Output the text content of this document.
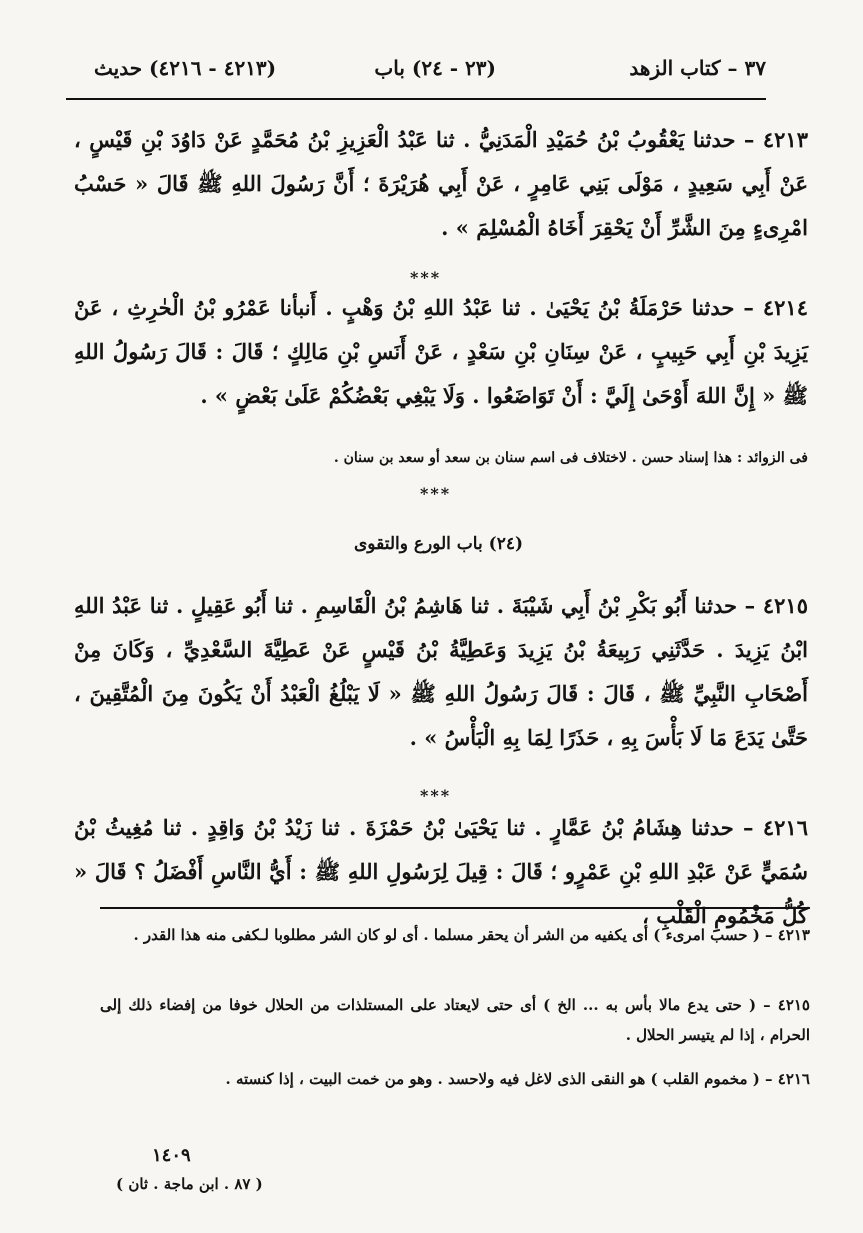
٣٧ – كتاب الزهد
(٢٣ - ٢٤) باب
(٤٢١٣ - ٤٢١٦) حديث
٤٢١٣ – حدثنا يَعْقُوبُ بْنُ حُمَيْدِ الْمَدَنِيُّ . ثنا عَبْدُ الْعَزِيزِ بْنُ مُحَمَّدٍ عَنْ دَاوُدَ بْنِ قَيْسٍ ، عَنْ أَبِي سَعِيدٍ ، مَوْلَى بَنِي عَامِرٍ ، عَنْ أَبِي هُرَيْرَةَ ؛ أَنَّ رَسُولَ اللهِ ﷺ قَالَ « حَسْبُ امْرِىءٍ مِنَ الشَّرِّ أَنْ يَحْقِرَ أَخَاهُ الْمُسْلِمَ » .
***
٤٢١٤ – حدثنا حَرْمَلَةُ بْنُ يَحْيَىٰ . ثنا عَبْدُ اللهِ بْنُ وَهْبٍ . أَنبأنا عَمْرُو بْنُ الْحٰرِثِ ، عَنْ يَزِيدَ بْنِ أَبِي حَبِيبٍ ، عَنْ سِنَانِ بْنِ سَعْدٍ ، عَنْ أَنَسِ بْنِ مَالِكٍ ؛ قَالَ : قَالَ رَسُولُ اللهِ ﷺ « إِنَّ اللهَ أَوْحَىٰ إِلَيَّ : أَنْ تَوَاضَعُوا . وَلَا يَبْغِي بَعْضُكُمْ عَلَىٰ بَعْضٍ » .
فى الزوائد : هذا إسناد حسن . لاختلاف فى اسم سنان بن سعد أو سعد بن سنان .
***
(٢٤) باب الورع والتقوى
٤٢١٥ – حدثنا أَبُو بَكْرِ بْنُ أَبِي شَيْبَةَ . ثنا هَاشِمُ بْنُ الْقَاسِمِ . ثنا أَبُو عَقِيلٍ . ثنا عَبْدُ اللهِ ابْنُ يَزِيدَ . حَدَّثَنِي رَبِيعَةُ بْنُ يَزِيدَ وَعَطِيَّةُ بْنُ قَيْسٍ عَنْ عَطِيَّةَ السَّعْدِيِّ ، وَكَانَ مِنْ أَصْحَابِ النَّبِيِّ ﷺ ، قَالَ : قَالَ رَسُولُ اللهِ ﷺ « لَا يَبْلُغُ الْعَبْدُ أَنْ يَكُونَ مِنَ الْمُتَّقِينَ ، حَتَّىٰ يَدَعَ مَا لَا بَأْسَ بِهِ ، حَذَرًا لِمَا بِهِ الْبَأْسُ » .
***
٤٢١٦ – حدثنا هِشَامُ بْنُ عَمَّارٍ . ثنا يَحْيَىٰ بْنُ حَمْزَةَ . ثنا زَيْدُ بْنُ وَاقِدٍ . ثنا مُغِيثُ بْنُ سُمَيٍّ عَنْ عَبْدِ اللهِ بْنِ عَمْرٍو ؛ قَالَ : قِيلَ لِرَسُولِ اللهِ ﷺ : أَيُّ النَّاسِ أَفْضَلُ ؟ قَالَ « كُلُّ مَخْمُومِ الْقَلْبِ ،
٤٢١٣ – ( حسب امرىء ) أى يكفيه من الشر أن يحقر مسلما . أى لو كان الشر مطلوبا لـكفى منه هذا القدر .
٤٢١٥ – ( حتى يدع مالا بأس به ... الخ ) أى حتى لايعتاد على المستلذات من الحلال خوفا من إفضاء ذلك إلى الحرام ، إذا لم يتيسر الحلال .
٤٢١٦ – ( مخموم القلب ) هو النقى الذى لاغل فيه ولاحسد . وهو من خمت البيت ، إذا كنسته .
١٤٠٩
( ٨٧ . ابن ماجة . ثان )
